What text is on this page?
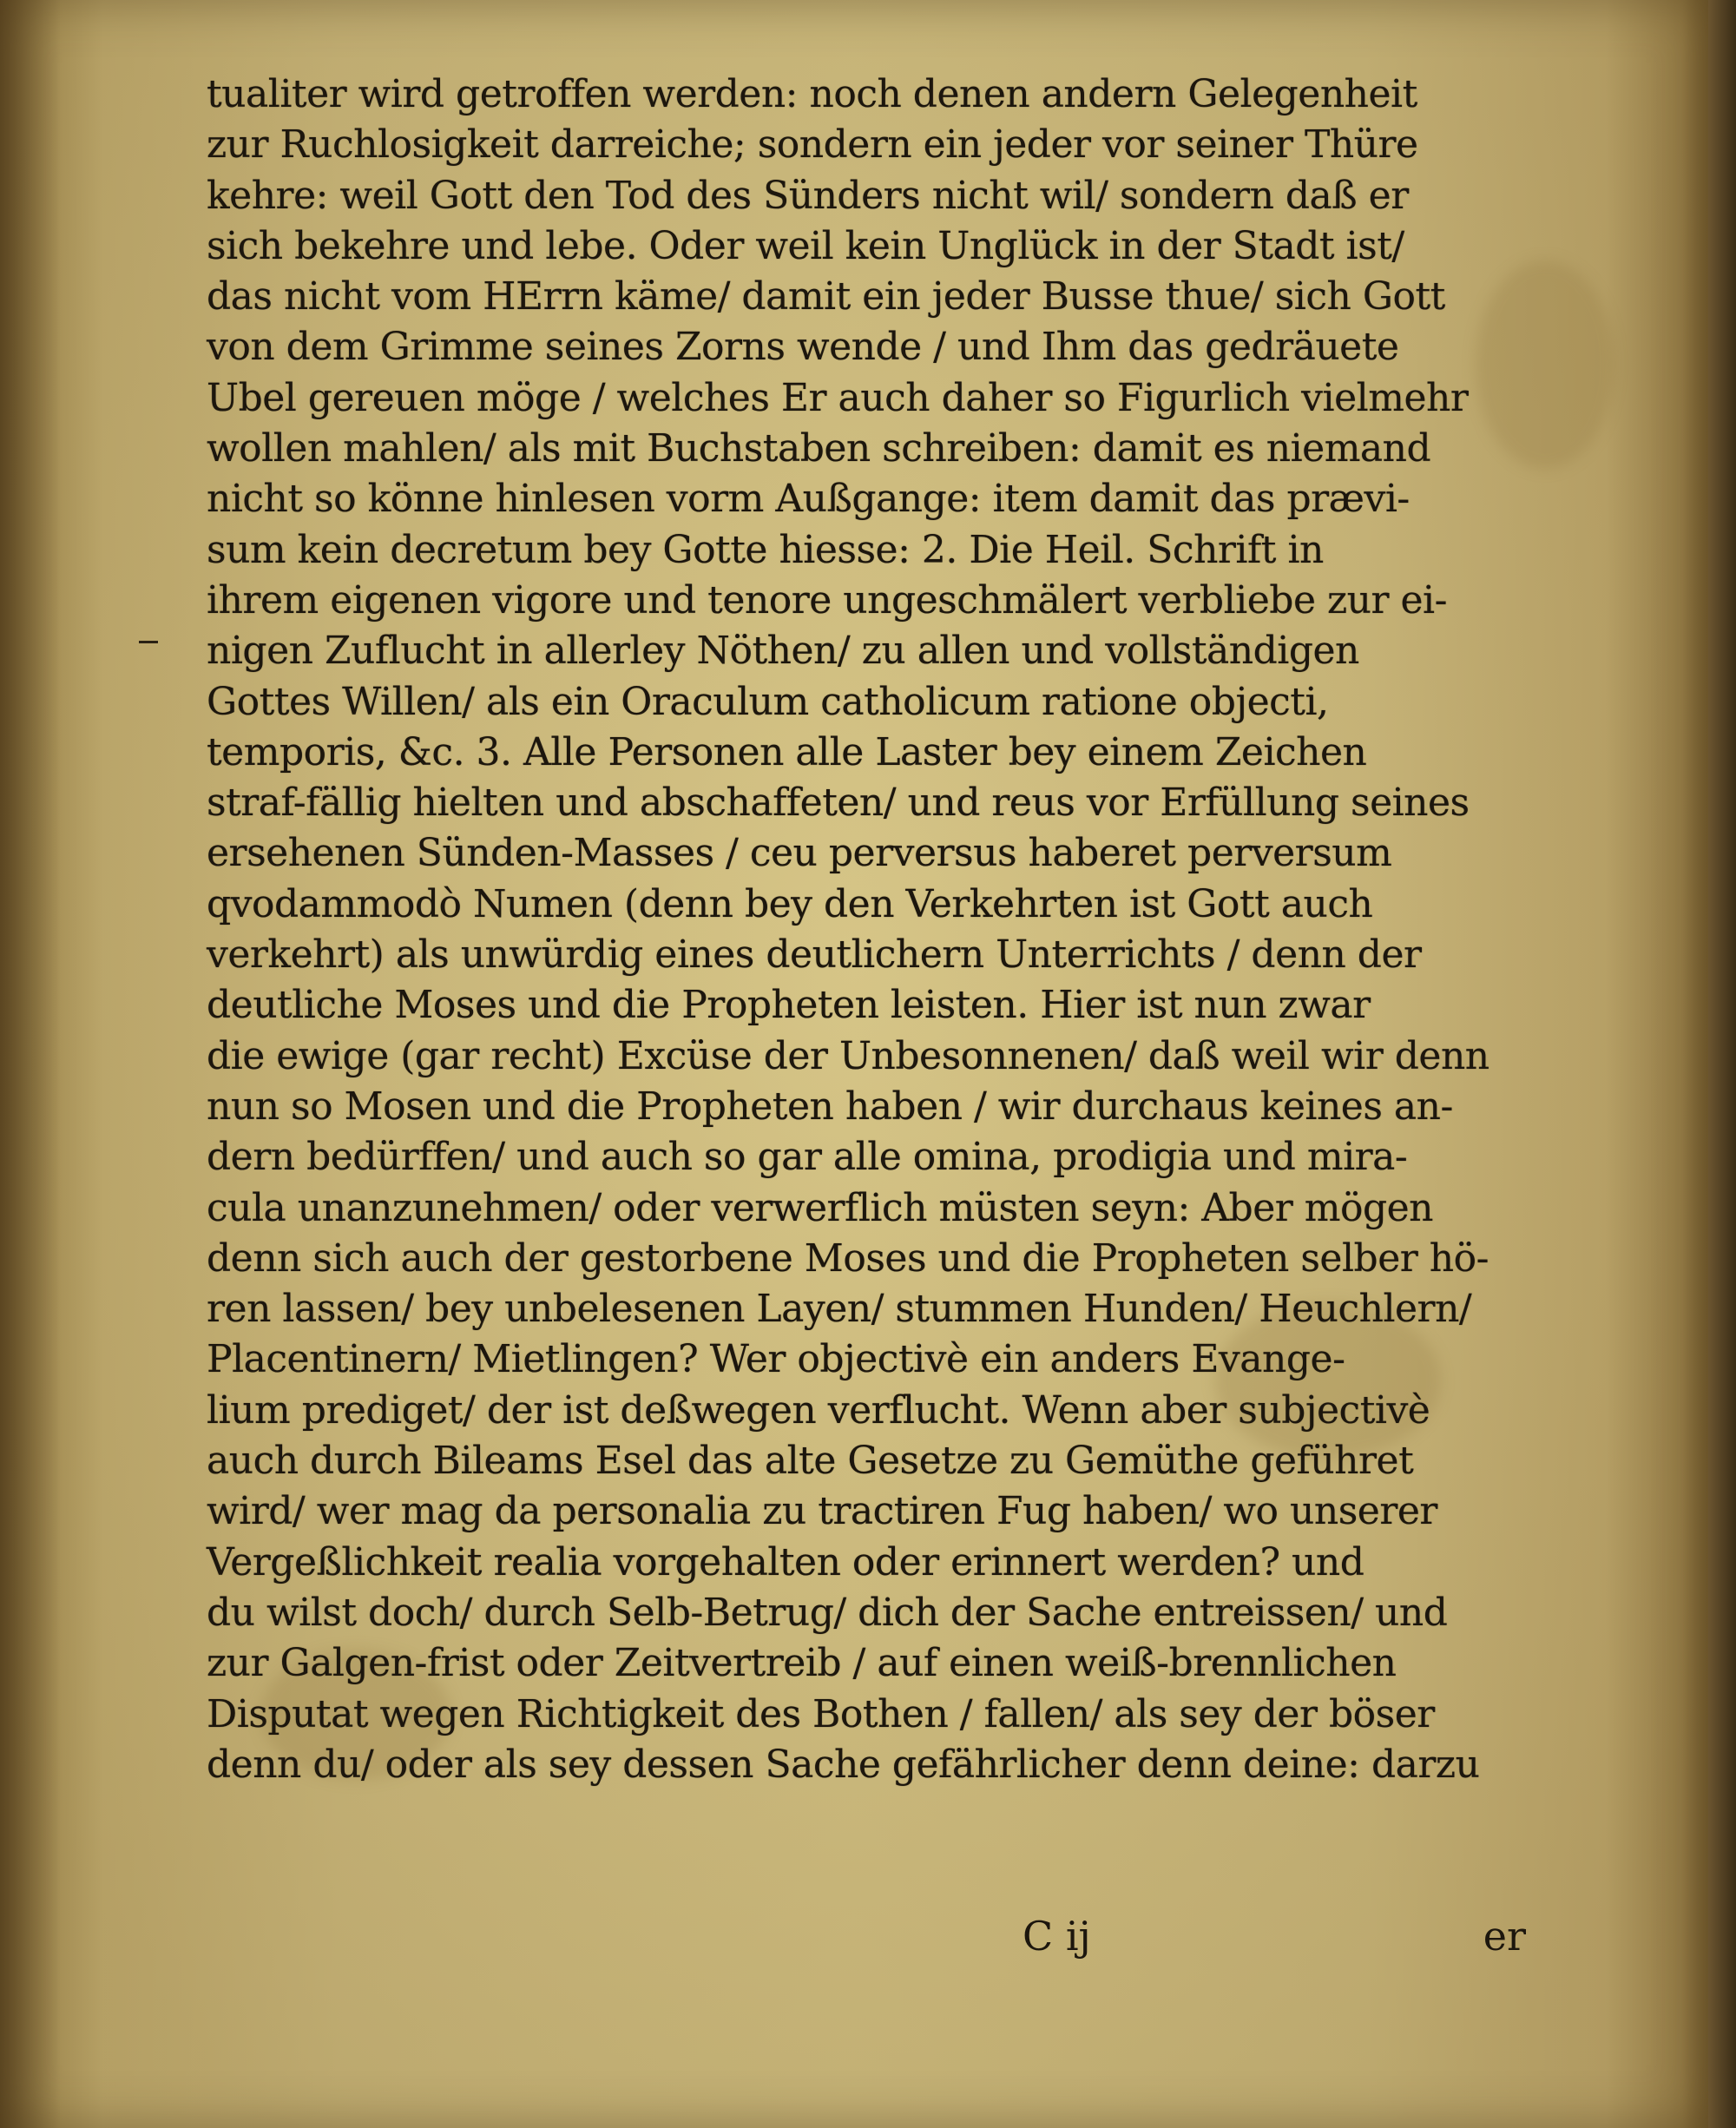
tualiter wird getroffen werden: noch denen andern Gelegenheit
zur Ruchlosigkeit darreiche; sondern ein jeder vor seiner Thüre
kehre: weil Gott den Tod des Sünders nicht wil/ sondern daß er
sich bekehre und lebe. Oder weil kein Unglück in der Stadt ist/
das nicht vom HErrn käme/ damit ein jeder Busse thue/ sich Gott
von dem Grimme seines Zorns wende / und Ihm das gedräuete
Ubel gereuen möge / welches Er auch daher so Figurlich vielmehr
wollen mahlen/ als mit Buchstaben schreiben: damit es niemand
nicht so könne hinlesen vorm Außgange: item damit das prævi-
sum kein decretum bey Gotte hiesse: 2. Die Heil. Schrift in
ihrem eigenen vigore und tenore ungeschmälert verbliebe zur ei-
nigen Zuflucht in allerley Nöthen/ zu allen und vollständigen
Gottes Willen/ als ein Oraculum catholicum ratione objecti,
temporis, &c. 3. Alle Personen alle Laster bey einem Zeichen
straf-fällig hielten und abschaffeten/ und reus vor Erfüllung seines
ersehenen Sünden-Masses / ceu perversus haberet perversum
qvodammodò Numen (denn bey den Verkehrten ist Gott auch
verkehrt) als unwürdig eines deutlichern Unterrichts / denn der
deutliche Moses und die Propheten leisten. Hier ist nun zwar
die ewige (gar recht) Excüse der Unbesonnenen/ daß weil wir denn
nun so Mosen und die Propheten haben / wir durchaus keines an-
dern bedürffen/ und auch so gar alle omina, prodigia und mira-
cula unanzunehmen/ oder verwerflich müsten seyn: Aber mögen
denn sich auch der gestorbene Moses und die Propheten selber hö-
ren lassen/ bey unbelesenen Layen/ stummen Hunden/ Heuchlern/
Placentinern/ Mietlingen? Wer objectivè ein anders Evange-
lium prediget/ der ist deßwegen verflucht. Wenn aber subjectivè
auch durch Bileams Esel das alte Gesetze zu Gemüthe geführet
wird/ wer mag da personalia zu tractiren Fug haben/ wo unserer
Vergeßlichkeit realia vorgehalten oder erinnert werden? und
du wilst doch/ durch Selb-Betrug/ dich der Sache entreissen/ und
zur Galgen-frist oder Zeitvertreib / auf einen weiß-brennlichen
Disputat wegen Richtigkeit des Bothen / fallen/ als sey der böser
denn du/ oder als sey dessen Sache gefährlicher denn deine: darzu
C ij	er
